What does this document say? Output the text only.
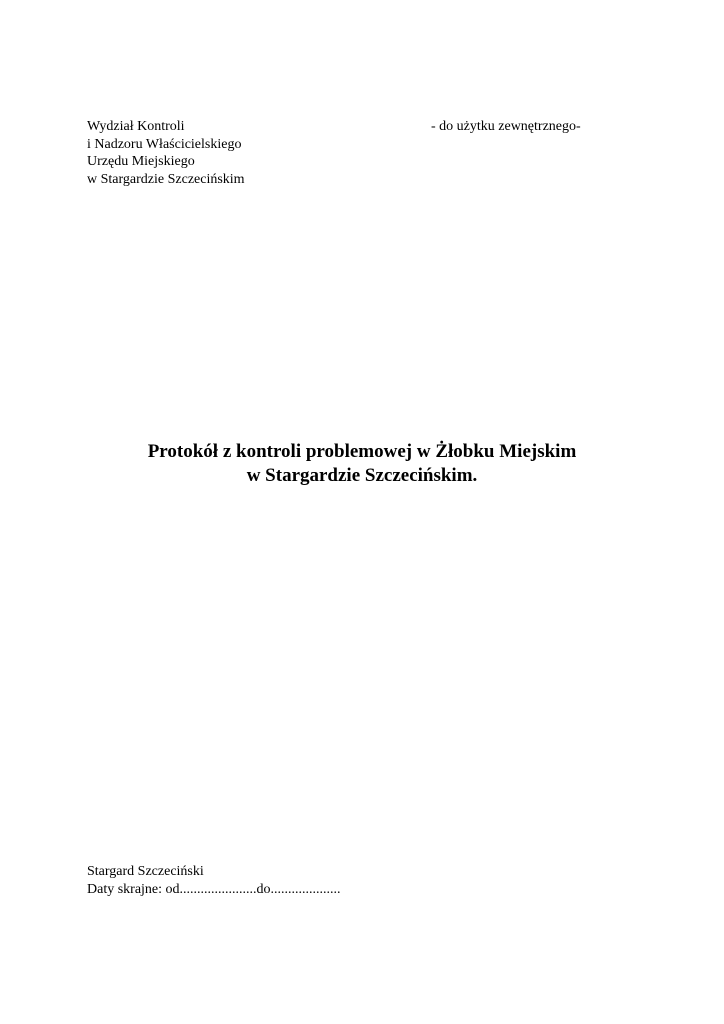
Wydział Kontroli
i Nadzoru Właścicielskiego
Urzędu Miejskiego
w Stargardzie Szczecińskim
- do użytku zewnętrznego-
Protokół z kontroli problemowej w Żłobku Miejskim
w Stargardzie Szczecińskim.
Stargard Szczeciński
Daty skrajne: od......................do....................
